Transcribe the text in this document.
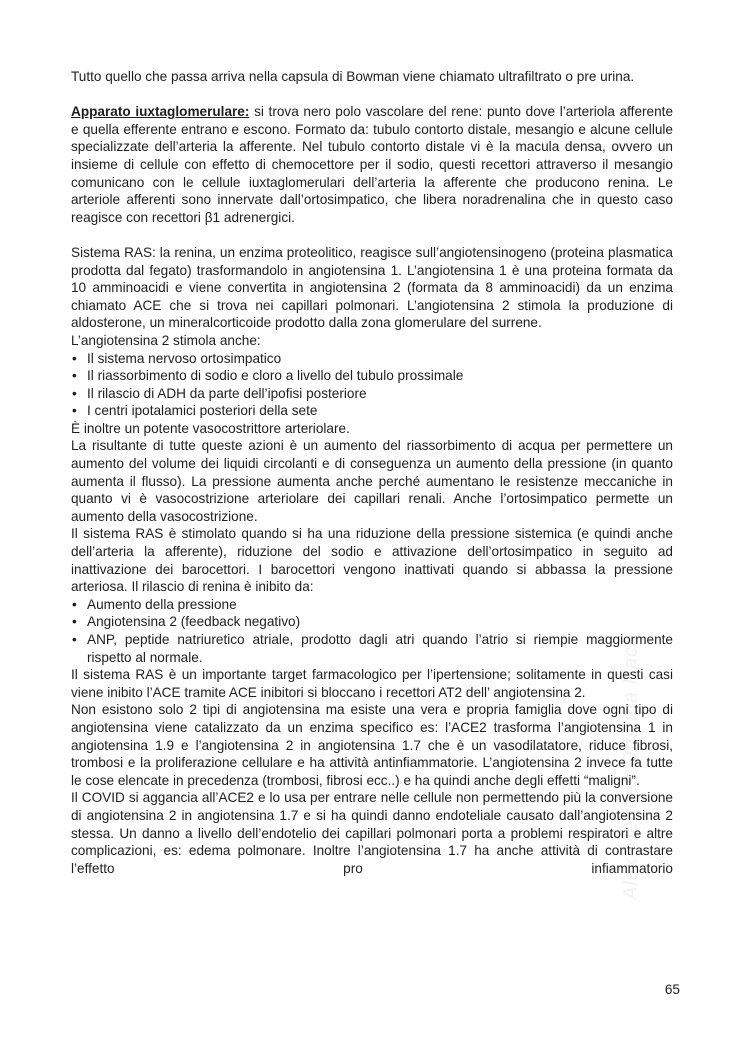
Alex Mendes Officina Hack

Tutto quello che passa arriva nella capsula di Bowman viene chiamato ultrafiltrato o pre urina.

Apparato iuxtaglomerulare: si trova nero polo vascolare del rene: punto dove l’arteriola afferente e quella efferente entrano e escono. Formato da: tubulo contorto distale, mesangio e alcune cellule specializzate dell’arteria la afferente. Nel tubulo contorto distale vi è la macula densa, ovvero un insieme di cellule con effetto di chemocettore per il sodio, questi recettori attraverso il mesangio comunicano con le cellule iuxtaglomerulari dell’arteria la afferente che producono renina. Le arteriole afferenti sono innervate dall’ortosimpatico, che libera noradrenalina che in questo caso reagisce con recettori β1 adrenergici.

Sistema RAS: la renina, un enzima proteolitico, reagisce sull’angiotensinogeno (proteina plasmatica prodotta dal fegato) trasformandolo in angiotensina 1. L’angiotensina 1 è una proteina formata da 10 amminoacidi e viene convertita in angiotensina 2 (formata da 8 amminoacidi) da un enzima chiamato ACE che si trova nei capillari polmonari. L’angiotensina 2 stimola la produzione di aldosterone, un mineralcorticoide prodotto dalla zona glomerulare del surrene.

L’angiotensina 2 stimola anche:

• Il sistema nervoso ortosimpatico
• Il riassorbimento di sodio e cloro a livello del tubulo prossimale
• Il rilascio di ADH da parte dell’ipofisi posteriore
• I centri ipotalamici posteriori della sete

È inoltre un potente vasocostrittore arteriolare.

La risultante di tutte queste azioni è un aumento del riassorbimento di acqua per permettere un aumento del volume dei liquidi circolanti e di conseguenza un aumento della pressione (in quanto aumenta il flusso). La pressione aumenta anche perché aumentano le resistenze meccaniche in quanto vi è vasocostrizione arteriolare dei capillari renali. Anche l’ortosimpatico permette un aumento della vasocostrizione.

Il sistema RAS è stimolato quando si ha una riduzione della pressione sistemica (e quindi anche dell’arteria la afferente), riduzione del sodio e attivazione dell’ortosimpatico in seguito ad inattivazione dei barocettori. I barocettori vengono inattivati quando si abbassa la pressione arteriosa. Il rilascio di renina è inibito da:

• Aumento della pressione
• Angiotensina 2 (feedback negativo)
• ANP, peptide natriuretico atriale, prodotto dagli atri quando l’atrio si riempie maggiormente rispetto al normale.

Il sistema RAS è un importante target farmacologico per l’ipertensione; solitamente in questi casi viene inibito l’ACE tramite ACE inibitori si bloccano i recettori AT2 dell’ angiotensina 2.

Non esistono solo 2 tipi di angiotensina ma esiste una vera e propria famiglia dove ogni tipo di angiotensina viene catalizzato da un enzima specifico es: l’ACE2 trasforma l’angiotensina 1 in angiotensina 1.9 e l’angiotensina 2 in angiotensina 1.7 che è un vasodilatatore, riduce fibrosi, trombosi e la proliferazione cellulare e ha attività antinfiammatorie. L’angiotensina 2 invece fa tutte le cose elencate in precedenza (trombosi, fibrosi ecc..) e ha quindi anche degli effetti “maligni”.

Il COVID si aggancia all’ACE2 e lo usa per entrare nelle cellule non permettendo più la conversione di angiotensina 2 in angiotensina 1.7 e si ha quindi danno endoteliale causato dall’angiotensina 2 stessa. Un danno a livello dell’endotelio dei capillari polmonari porta a problemi respiratori e altre complicazioni, es: edema polmonare. Inoltre l’angiotensina 1.7 ha anche attività di contrastare l’effetto pro infiammatorio

65
